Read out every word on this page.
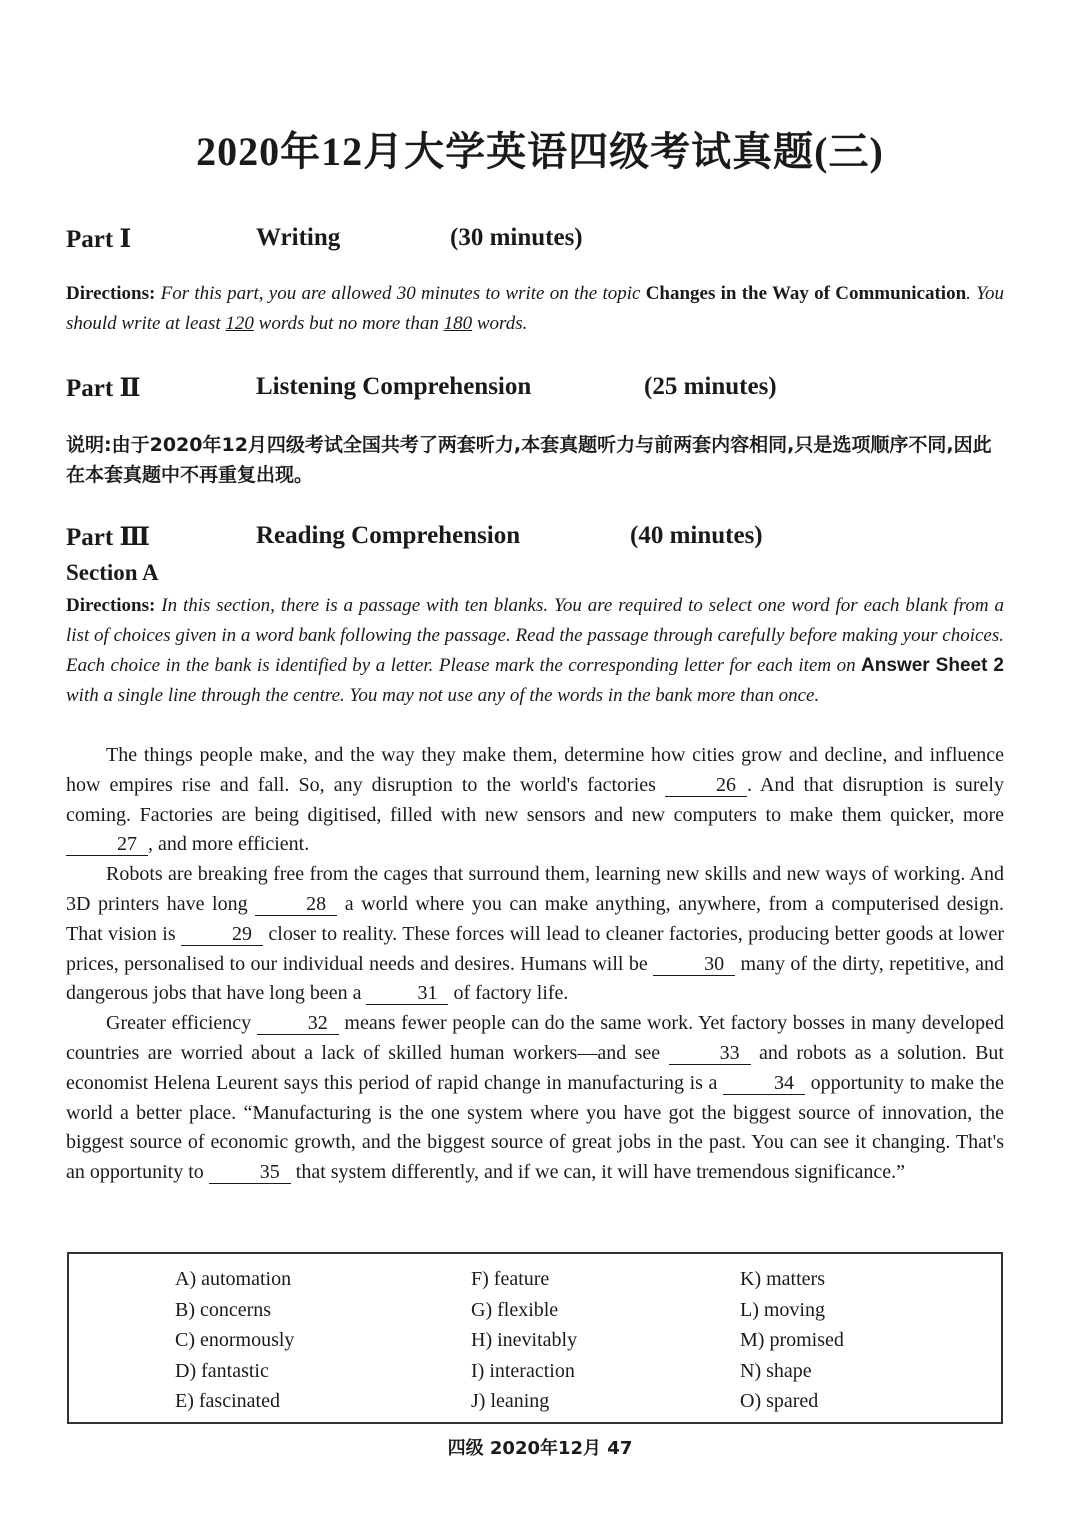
2020年12月大学英语四级考试真题(三)
Part Ⅰ	Writing	(30 minutes)
Directions: For this part, you are allowed 30 minutes to write on the topic Changes in the Way of Communication. You should write at least 120 words but no more than 180 words.
Part Ⅱ	Listening Comprehension	(25 minutes)
说明:由于2020年12月四级考试全国共考了两套听力,本套真题听力与前两套内容相同,只是选项顺序不同,因此在本套真题中不再重复出现。
Part Ⅲ	Reading Comprehension	(40 minutes)
Section A
Directions: In this section, there is a passage with ten blanks. You are required to select one word for each blank from a list of choices given in a word bank following the passage. Read the passage through carefully before making your choices. Each choice in the bank is identified by a letter. Please mark the corresponding letter for each item on Answer Sheet 2 with a single line through the centre. You may not use any of the words in the bank more than once.

The things people make, and the way they make them, determine how cities grow and decline, and influence how empires rise and fall. So, any disruption to the world's factories	26 . And that disruption is surely coming. Factories are being digitised, filled with new sensors and new computers to make them quicker, more 27 , and more efficient.

Robots are breaking free from the cages that surround them, learning new skills and new ways of working. And 3D printers have long	28 a world where you can make anything, anywhere, from a computerised design. That vision is	29 closer to reality. These forces will lead to cleaner factories, producing better goods at lower prices, personalised to our individual needs and desires. Humans will be	30 many of the dirty, repetitive, and dangerous jobs that have long been a	31 of factory life.

Greater efficiency	32 means fewer people can do the same work. Yet factory bosses in many developed countries are worried about a lack of skilled human workers—and see	33 and robots as a solution. But economist Helena Leurent says this period of rapid change in manufacturing is a	34 opportunity to make the world a better place. “Manufacturing is the one system where you have got the biggest source of innovation, the biggest source of economic growth, and the biggest source of great jobs in the past. You can see it changing. That's an opportunity to	35 that system differently, and if we can, it will have tremendous significance.”

A) automation
B) concerns
C) enormously
D) fantastic
E) fascinated
F) feature
G) flexible
H) inevitably
I) interaction
J) leaning
K) matters
L) moving
M) promised
N) shape
O) spared
四级 2020年12月 47
